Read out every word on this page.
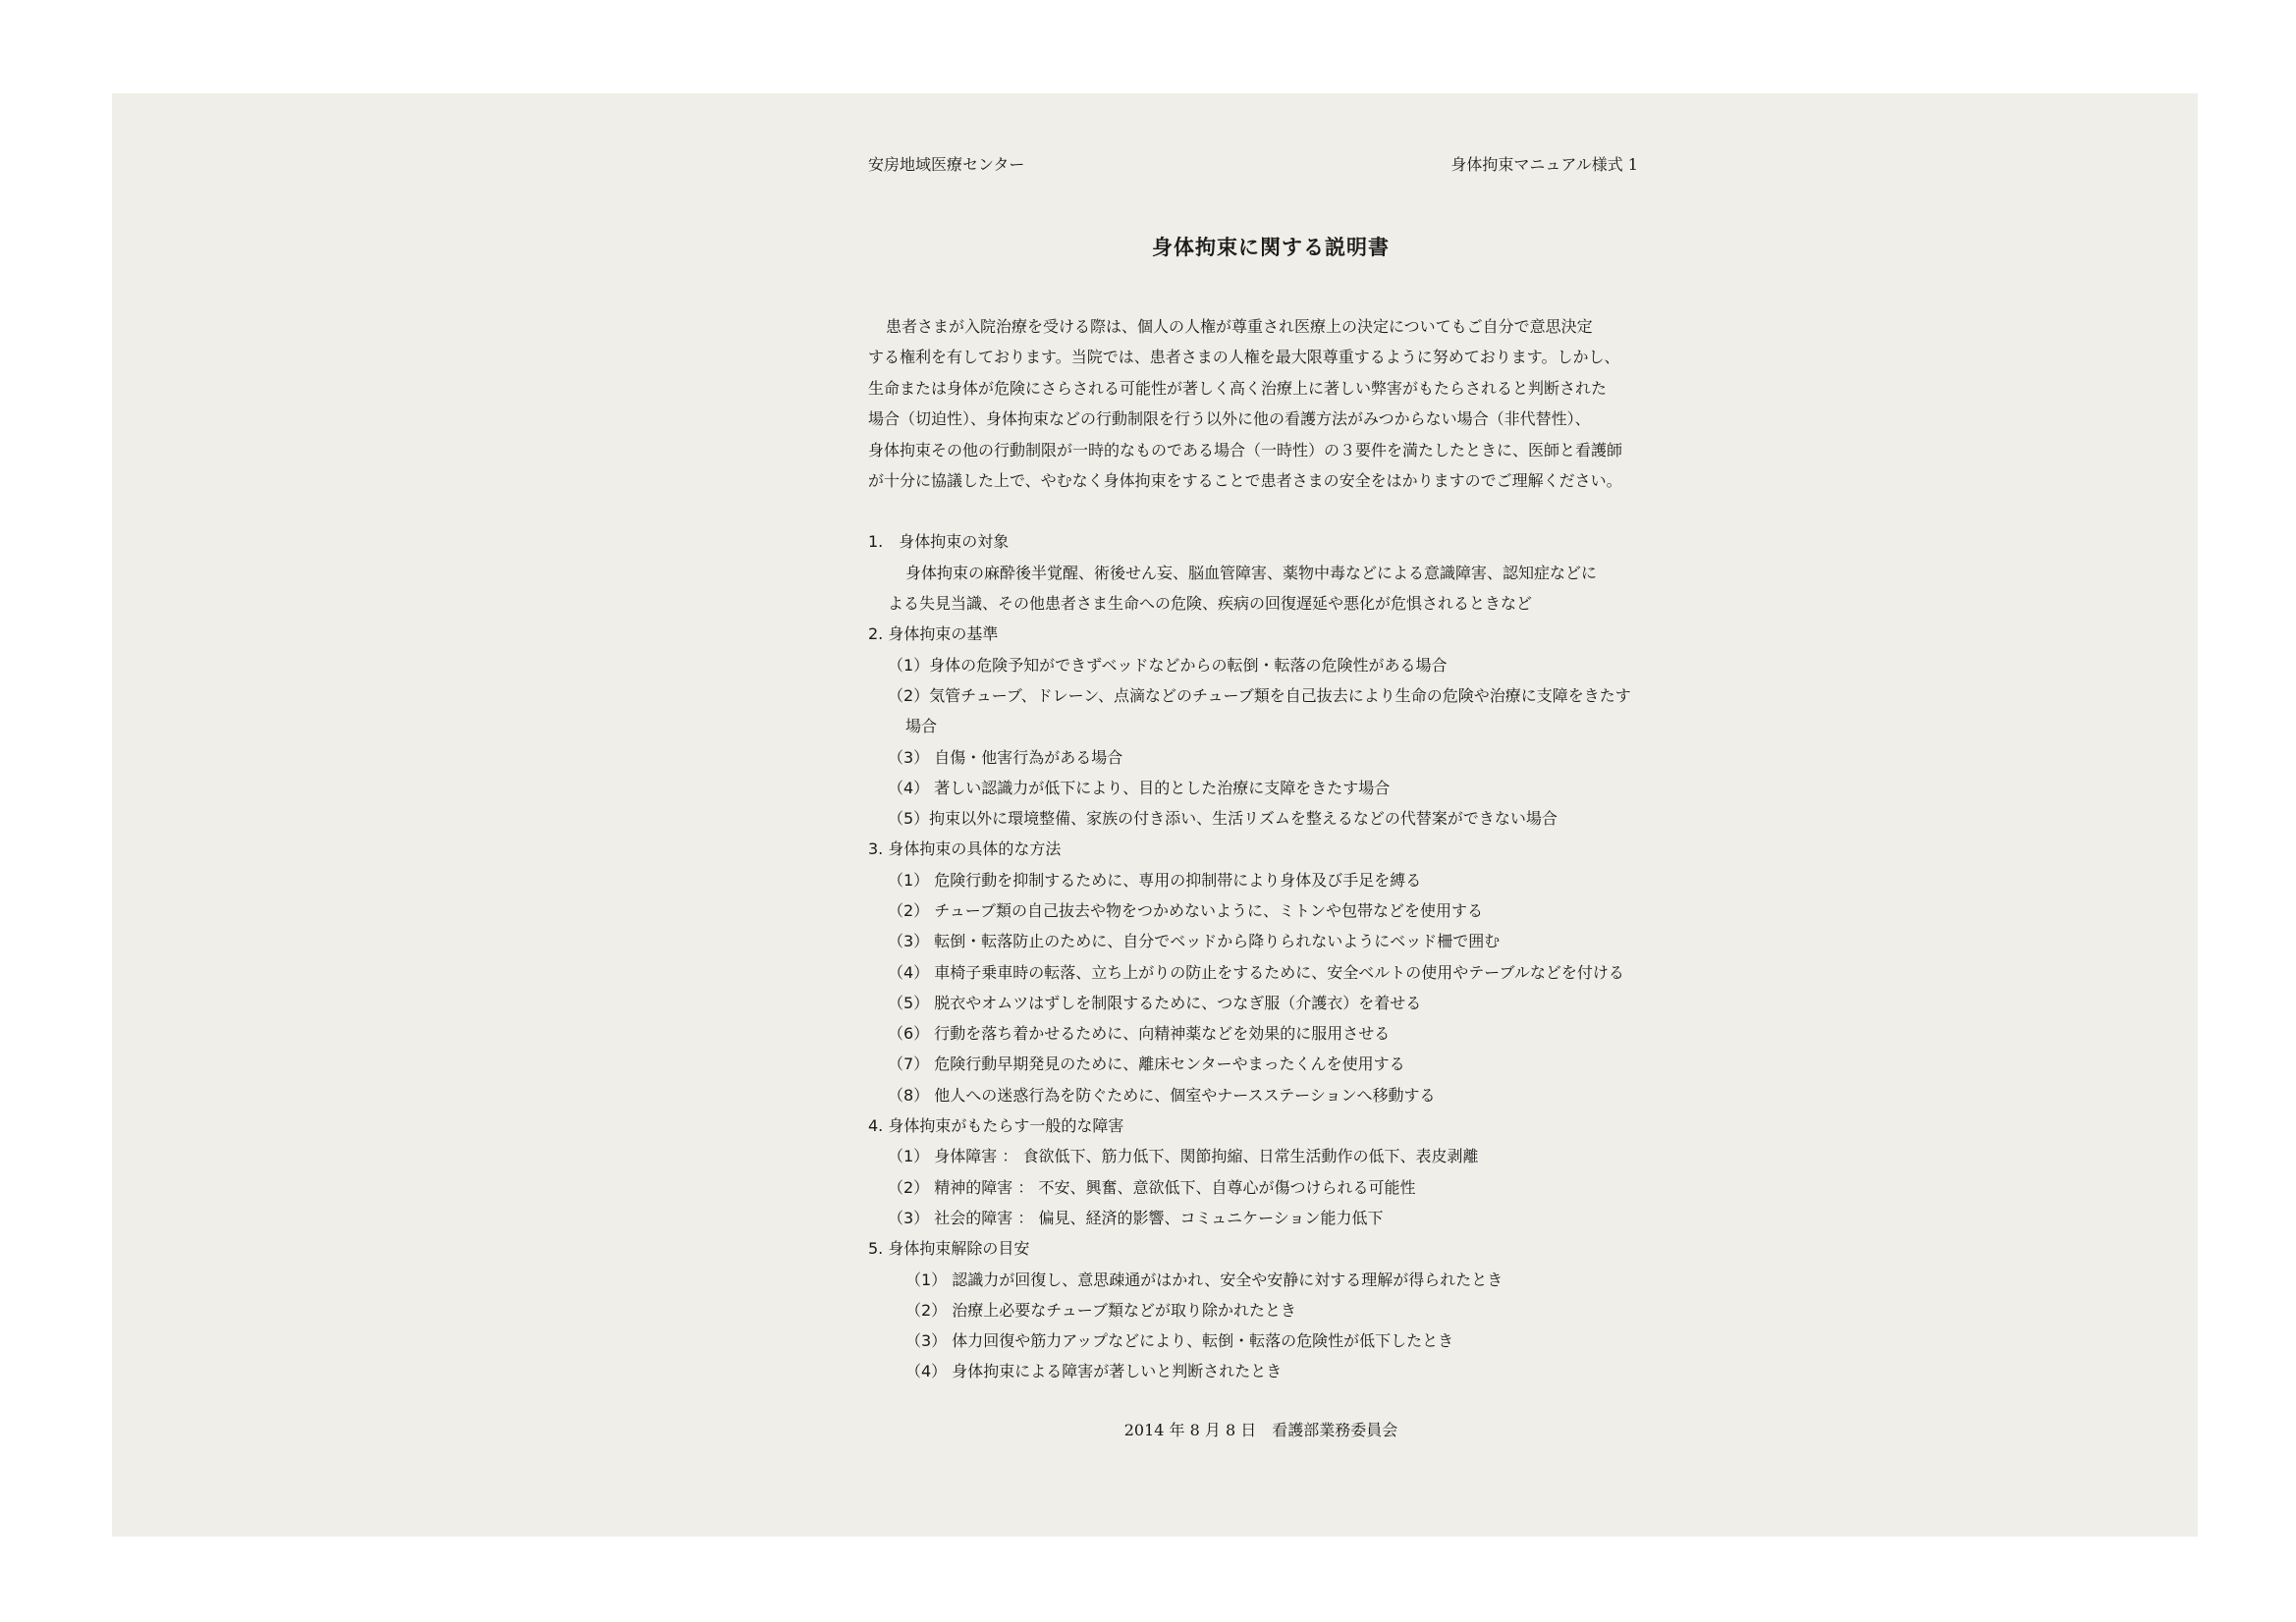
安房地域医療センター	身体拘束マニュアル様式 1
身体拘束に関する説明書
患者さまが入院治療を受ける際は、個人の人権が尊重され医療上の決定についてもご自分で意思決定
する権利を有しております。当院では、患者さまの人権を最大限尊重するように努めております。しかし、
生命または身体が危険にさらされる可能性が著しく高く治療上に著しい弊害がもたらされると判断された
場合（切迫性）、身体拘束などの行動制限を行う以外に他の看護方法がみつからない場合（非代替性）、
身体拘束その他の行動制限が一時的なものである場合（一時性）の３要件を満たしたときに、医師と看護師
が十分に協議した上で、やむなく身体拘束をすることで患者さまの安全をはかりますのでご理解ください。
1.　身体拘束の対象
身体拘束の麻酔後半覚醒、術後せん妄、脳血管障害、薬物中毒などによる意識障害、認知症などに
よる失見当識、その他患者さま生命への危険、疾病の回復遅延や悪化が危惧されるときなど
2. 身体拘束の基準
（1）身体の危険予知ができずベッドなどからの転倒・転落の危険性がある場合
（2）気管チューブ、ドレーン、点滴などのチューブ類を自己抜去により生命の危険や治療に支障をきたす
場合
（3） 自傷・他害行為がある場合
（4） 著しい認識力が低下により、目的とした治療に支障をきたす場合
（5）拘束以外に環境整備、家族の付き添い、生活リズムを整えるなどの代替案ができない場合
3. 身体拘束の具体的な方法
（1） 危険行動を抑制するために、専用の抑制帯により身体及び手足を縛る
（2） チューブ類の自己抜去や物をつかめないように、ミトンや包帯などを使用する
（3） 転倒・転落防止のために、自分でベッドから降りられないようにベッド柵で囲む
（4） 車椅子乗車時の転落、立ち上がりの防止をするために、安全ベルトの使用やテーブルなどを付ける
（5） 脱衣やオムツはずしを制限するために、つなぎ服（介護衣）を着せる
（6） 行動を落ち着かせるために、向精神薬などを効果的に服用させる
（7） 危険行動早期発見のために、離床センターやまったくんを使用する
（8） 他人への迷惑行為を防ぐために、個室やナースステーションへ移動する
4. 身体拘束がもたらす一般的な障害
（1） 身体障害 ： 食欲低下、筋力低下、関節拘縮、日常生活動作の低下、表皮剥離
（2） 精神的障害 ： 不安、興奮、意欲低下、自尊心が傷つけられる可能性
（3） 社会的障害 ： 偏見、経済的影響、コミュニケーション能力低下
5. 身体拘束解除の目安
（1） 認識力が回復し、意思疎通がはかれ、安全や安静に対する理解が得られたとき
（2） 治療上必要なチューブ類などが取り除かれたとき
（3） 体力回復や筋力アップなどにより、転倒・転落の危険性が低下したとき
（4） 身体拘束による障害が著しいと判断されたとき
2014 年 8 月 8 日　看護部業務委員会
